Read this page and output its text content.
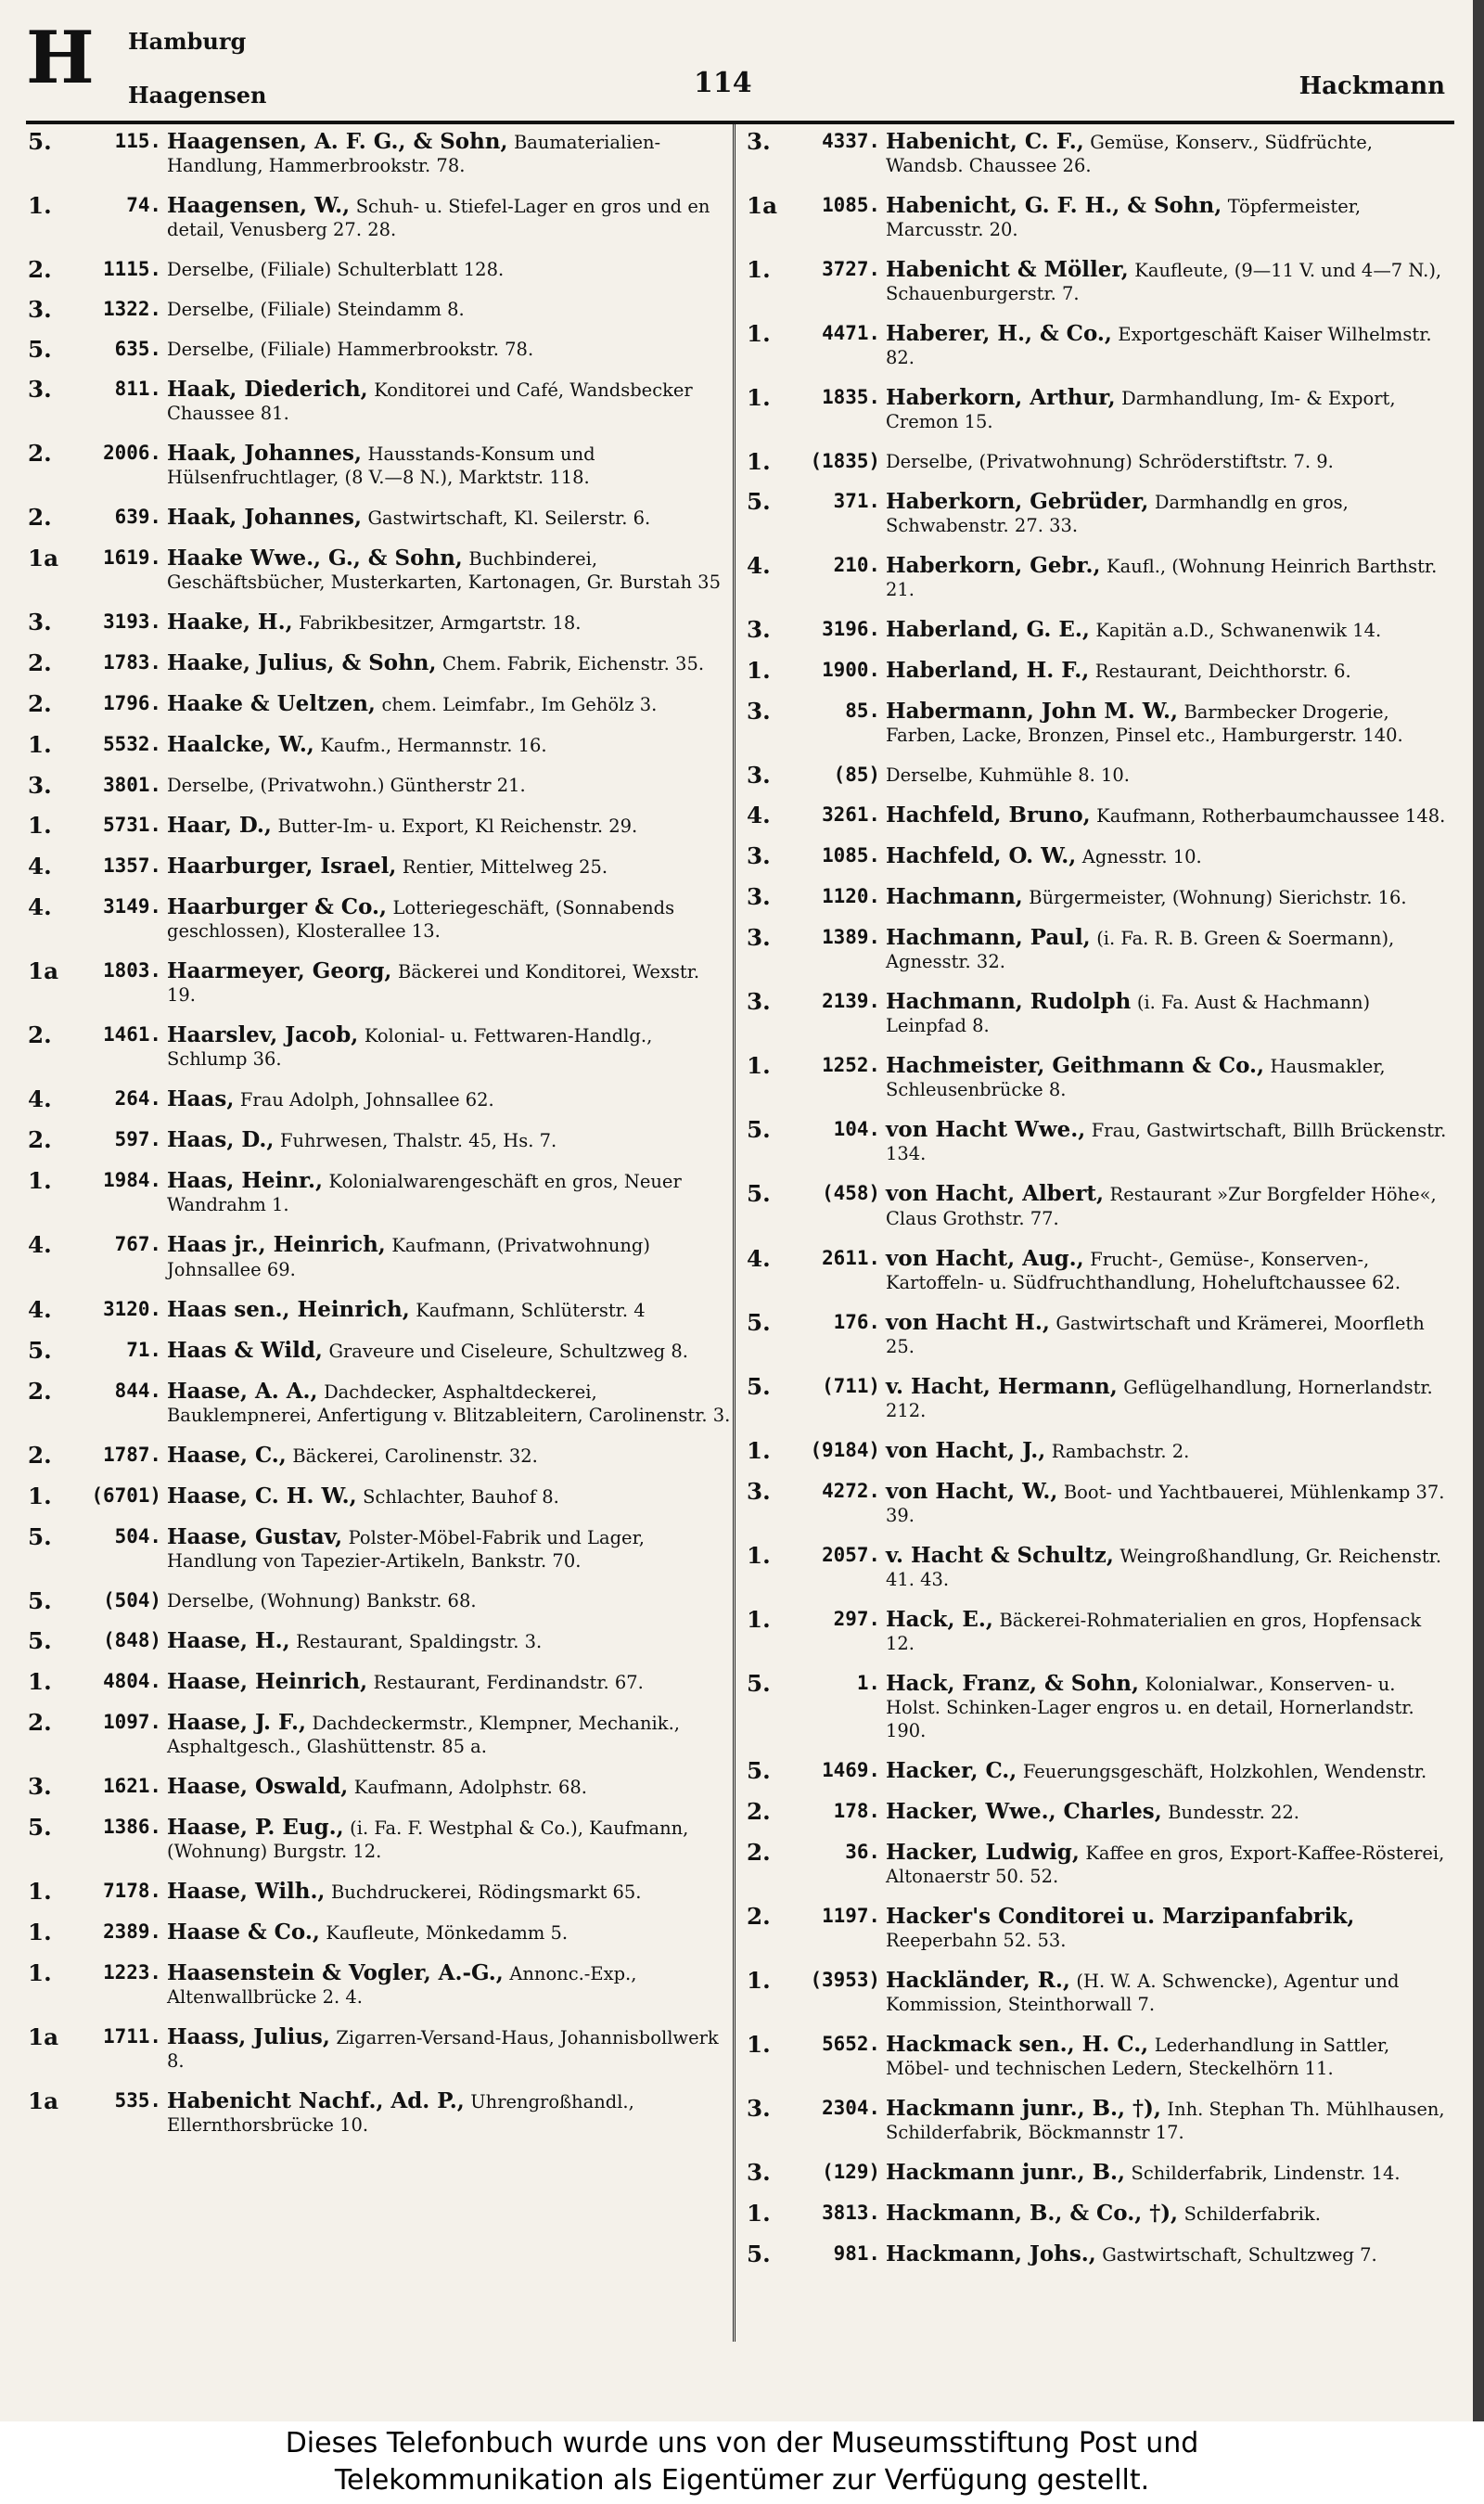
H Hamburg
Haagensen	114	Hackmann
5.	115. Haagensen, A. F. G., & Sohn, Baumaterialien-Handlung, Hammerbrookstr. 78.
1.	74. Haagensen, W., Schuh- u. Stiefel-Lager en gros und en detail, Venusberg 27. 28.
2.	1115. Derselbe, (Filiale) Schulterblatt 128.
3.	1322. Derselbe, (Filiale) Steindamm 8.
5.	635. Derselbe, (Filiale) Hammerbrookstr. 78.
3.	811. Haak, Diederich, Konditorei und Café, Wandsbecker Chaussee 81.
2.	2006. Haak, Johannes, Hausstands-Konsum und Hülsenfruchtlager, (8 V.—8 N.), Marktstr. 118.
2.	639. Haak, Johannes, Gastwirtschaft, Kl. Seilerstr. 6.
1a	1619. Haake Wwe., G., & Sohn, Buchbinderei, Geschäftsbücher, Musterkarten, Kartonagen, Gr. Burstah 35
3.	3193. Haake, H., Fabrikbesitzer, Armgartstr. 18.
2.	1783. Haake, Julius, & Sohn, Chem. Fabrik, Eichenstr. 35.
2.	1796. Haake & Ueltzen, chem. Leimfabr., Im Gehölz 3.
1.	5532. Haalcke, W., Kaufm., Hermannstr. 16.
3.	3801. Derselbe, (Privatwohn.) Güntherstr 21.
1.	5731. Haar, D., Butter-Im- u. Export, Kl Reichenstr. 29.
4.	1357. Haarburger, Israel, Rentier, Mittelweg 25.
4.	3149. Haarburger & Co., Lotteriegeschäft, (Sonnabends geschlossen), Klosterallee 13.
1a	1803. Haarmeyer, Georg, Bäckerei und Konditorei, Wexstr. 19.
2.	1461. Haarslev, Jacob, Kolonial- u. Fettwaren-Handlg., Schlump 36.
4.	264. Haas, Frau Adolph, Johnsallee 62.
2.	597. Haas, D., Fuhrwesen, Thalstr. 45, Hs. 7.
1.	1984. Haas, Heinr., Kolonialwarengeschäft en gros, Neuer Wandrahm 1.
4.	767. Haas jr., Heinrich, Kaufmann, (Privatwohnung) Johnsallee 69.
4.	3120. Haas sen., Heinrich, Kaufmann, Schlüterstr. 4
5.	71. Haas & Wild, Graveure und Ciseleure, Schultzweg 8.
2.	844. Haase, A. A., Dachdecker, Asphaltdeckerei, Bauklempnerei, Anfertigung v. Blitzableitern, Carolinenstr. 3.
2.	1787. Haase, C., Bäckerei, Carolinenstr. 32.
1.	(6701) Haase, C. H. W., Schlachter, Bauhof 8.
5.	504. Haase, Gustav, Polster-Möbel-Fabrik und Lager, Handlung von Tapezier-Artikeln, Bankstr. 70.
5.	(504) Derselbe, (Wohnung) Bankstr. 68.
5.	(848) Haase, H., Restaurant, Spaldingstr. 3.
1.	4804. Haase, Heinrich, Restaurant, Ferdinandstr. 67.
2.	1097. Haase, J. F., Dachdeckermstr., Klempner, Mechanik., Asphaltgesch., Glashüttenstr. 85 a.
3.	1621. Haase, Oswald, Kaufmann, Adolphstr. 68.
5.	1386. Haase, P. Eug., (i. Fa. F. Westphal & Co.), Kaufmann, (Wohnung) Burgstr. 12.
1.	7178. Haase, Wilh., Buchdruckerei, Rödingsmarkt 65.
1.	2389. Haase & Co., Kaufleute, Mönkedamm 5.
1.	1223. Haasenstein & Vogler, A.-G., Annonc.-Exp., Altenwallbrücke 2. 4.
1a	1711. Haass, Julius, Zigarren-Versand-Haus, Johannisbollwerk 8.
1a	535. Habenicht Nachf., Ad. P., Uhrengroßhandl., Ellernthorsbrücke 10.
3.	4337. Habenicht, C. F., Gemüse, Konserv., Südfrüchte, Wandsb. Chaussee 26.
1a	1085. Habenicht, G. F. H., & Sohn, Töpfermeister, Marcusstr. 20.
1.	3727. Habenicht & Möller, Kaufleute, (9—11 V. und 4—7 N.), Schauenburgerstr. 7.
1.	4471. Haberer, H., & Co., Exportgeschäft Kaiser Wilhelmstr. 82.
1.	1835. Haberkorn, Arthur, Darmhandlung, Im- & Export, Cremon 15.
1.	(1835) Derselbe, (Privatwohnung) Schröderstiftstr. 7. 9.
5.	371. Haberkorn, Gebrüder, Darmhandlg en gros, Schwabenstr. 27. 33.
4.	210. Haberkorn, Gebr., Kaufl., (Wohnung Heinrich Barthstr. 21.
3.	3196. Haberland, G. E., Kapitän a.D., Schwanenwik 14.
1.	1900. Haberland, H. F., Restaurant, Deichthorstr. 6.
3.	85. Habermann, John M. W., Barmbecker Drogerie, Farben, Lacke, Bronzen, Pinsel etc., Hamburgerstr. 140.
3.	(85) Derselbe, Kuhmühle 8. 10.
4.	3261. Hachfeld, Bruno, Kaufmann, Rotherbaumchaussee 148.
3.	1085. Hachfeld, O. W., Agnesstr. 10.
3.	1120. Hachmann, Bürgermeister, (Wohnung) Sierichstr. 16.
3.	1389. Hachmann, Paul, (i. Fa. R. B. Green & Soermann), Agnesstr. 32.
3.	2139. Hachmann, Rudolph (i. Fa. Aust & Hachmann) Leinpfad 8.
1.	1252. Hachmeister, Geithmann & Co., Hausmakler, Schleusenbrücke 8.
5.	104. von Hacht Wwe., Frau, Gastwirtschaft, Billh Brückenstr. 134.
5.	(458) von Hacht, Albert, Restaurant »Zur Borgfelder Höhe«, Claus Grothstr. 77.
4.	2611. von Hacht, Aug., Frucht-, Gemüse-, Konserven-, Kartoffeln- u. Südfruchthandlung, Hoheluftchaussee 62.
5.	176. von Hacht H., Gastwirtschaft und Krämerei, Moorfleth 25.
5.	(711) v. Hacht, Hermann, Geflügelhandlung, Hornerlandstr. 212.
1.	(9184) von Hacht, J., Rambachstr. 2.
3.	4272. von Hacht, W., Boot- und Yachtbauerei, Mühlenkamp 37. 39.
1.	2057. v. Hacht & Schultz, Weingroßhandlung, Gr. Reichenstr. 41. 43.
1.	297. Hack, E., Bäckerei-Rohmaterialien en gros, Hopfensack 12.
5.	1. Hack, Franz, & Sohn, Kolonialwar., Konserven- u. Holst. Schinken-Lager engros u. en detail, Hornerlandstr. 190.
5.	1469. Hacker, C., Feuerungsgeschäft, Holzkohlen, Wendenstr.
2.	178. Hacker, Wwe., Charles, Bundesstr. 22.
2.	36. Hacker, Ludwig, Kaffee en gros, Export-Kaffee-Rösterei, Altonaerstr 50. 52.
2.	1197. Hacker's Conditorei u. Marzipanfabrik, Reeperbahn 52. 53.
1.	(3953) Hackländer, R., (H. W. A. Schwencke), Agentur und Kommission, Steinthorwall 7.
1.	5652. Hackmack sen., H. C., Lederhandlung in Sattler, Möbel- und technischen Ledern, Steckelhörn 11.
3.	2304. Hackmann junr., B., †), Inh. Stephan Th. Mühlhausen, Schilderfabrik, Böckmannstr 17.
3.	(129) Hackmann junr., B., Schilderfabrik, Lindenstr. 14.
1.	3813. Hackmann, B., & Co., †), Schilderfabrik.
5.	981. Hackmann, Johs., Gastwirtschaft, Schultzweg 7.
Dieses Telefonbuch wurde uns von der Museumsstiftung Post und
Telekommunikation als Eigentümer zur Verfügung gestellt.
